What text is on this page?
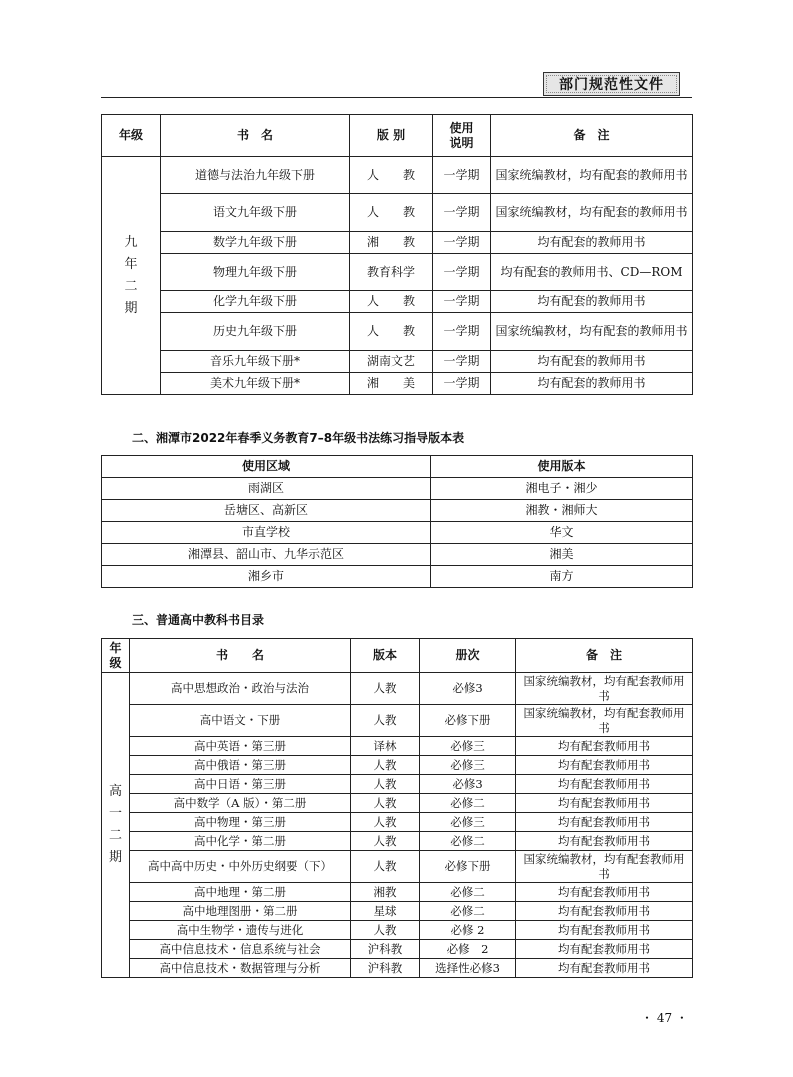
部门规范性文件
年级	书　名	版 别	使用说明	备　注

九
年
二
期	道德与法治九年级下册	人　　教	一学期	国家统编教材，均有配套的教师用书
	语文九年级下册	人　　教	一学期	国家统编教材，均有配套的教师用书
	数学九年级下册	湘　　教	一学期	均有配套的教师用书
	物理九年级下册	教育科学	一学期	均有配套的教师用书、CD—ROM
	化学九年级下册	人　　教	一学期	均有配套的教师用书
	历史九年级下册	人　　教	一学期	国家统编教材，均有配套的教师用书
	音乐九年级下册*	湖南文艺	一学期	均有配套的教师用书
	美术九年级下册*	湘　　美	一学期	均有配套的教师用书
二、湘潭市2022年春季义务教育7–8年级书法练习指导版本表
使用区域	使用版本
雨湖区	湘电子・湘少
岳塘区、高新区	湘教・湘师大
市直学校	华文
湘潭县、韶山市、九华示范区	湘美
湘乡市	南方
三、普通高中教科书目录
年级	书　　名	版本	册次	备　注

高
一
二
期	高中思想政治・政治与法治	人教	必修3	国家统编教材，均有配套教师用书
	高中语文・下册	人教	必修下册	国家统编教材，均有配套教师用书
	高中英语・第三册	译林	必修三	均有配套教师用书
	高中俄语・第三册	人教	必修三	均有配套教师用书
	高中日语・第三册	人教	必修3	均有配套教师用书
	高中数学（A 版）・第二册	人教	必修二	均有配套教师用书
	高中物理・第三册	人教	必修三	均有配套教师用书
	高中化学・第二册	人教	必修二	均有配套教师用书
	高中高中历史・中外历史纲要（下）	人教	必修下册	国家统编教材，均有配套教师用书
	高中地理・第二册	湘教	必修二	均有配套教师用书
	高中地理图册・第二册	星球	必修二	均有配套教师用书
	高中生物学・遗传与进化	人教	必修 2	均有配套教师用书
	高中信息技术・信息系统与社会	沪科教	必修　2	均有配套教师用书
	高中信息技术・数据管理与分析	沪科教	选择性必修3	均有配套教师用书
・ 47 ・
